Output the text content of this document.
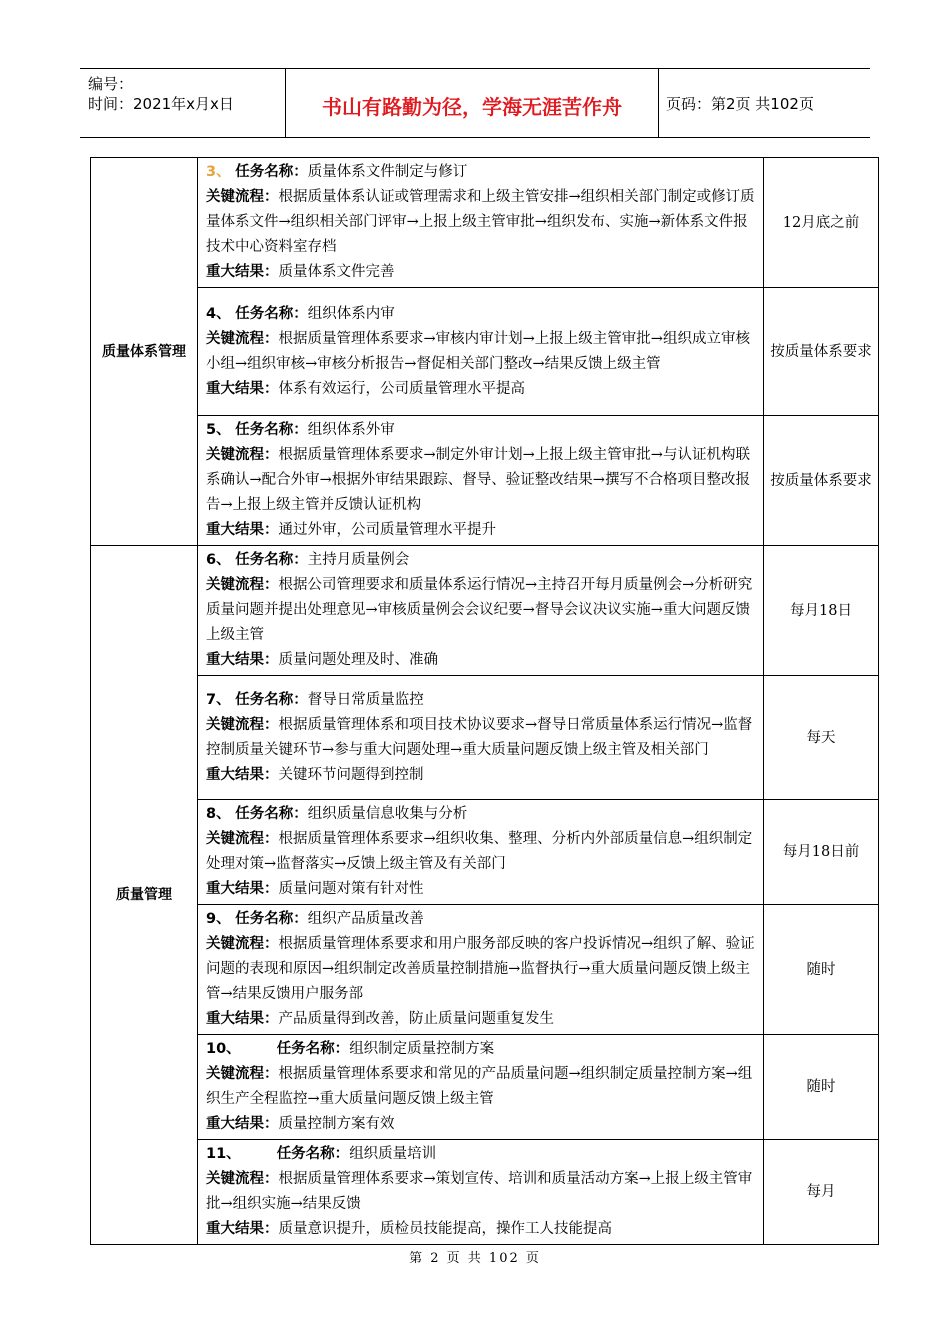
编号：
时间：2021年x月x日	书山有路勤为径，学海无涯苦作舟	页码：第2页 共102页
质量体系管理	3、 任务名称：质量体系文件制定与修订
关键流程：根据质量体系认证或管理需求和上级主管安排→组织相关部门制定或修订质量体系文件→组织相关部门评审→上报上级主管审批→组织发布、实施→新体系文件报技术中心资料室存档
重大结果：质量体系文件完善	12月底之前

	4、 任务名称：组织体系内审
关键流程：根据质量管理体系要求→审核内审计划→上报上级主管审批→组织成立审核小组→组织审核→审核分析报告→督促相关部门整改→结果反馈上级主管
重大结果：体系有效运行，公司质量管理水平提高	按质量体系要求

	5、 任务名称：组织体系外审
关键流程：根据质量管理体系要求→制定外审计划→上报上级主管审批→与认证机构联系确认→配合外审→根据外审结果跟踪、督导、验证整改结果→撰写不合格项目整改报告→上报上级主管并反馈认证机构
重大结果：通过外审，公司质量管理水平提升	按质量体系要求
质量管理	6、 任务名称：主持月质量例会
关键流程：根据公司管理要求和质量体系运行情况→主持召开每月质量例会→分析研究质量问题并提出处理意见→审核质量例会会议纪要→督导会议决议实施→重大问题反馈上级主管
重大结果：质量问题处理及时、准确	每月18日

	7、 任务名称：督导日常质量监控
关键流程：根据质量管理体系和项目技术协议要求→督导日常质量体系运行情况→监督控制质量关键环节→参与重大问题处理→重大质量问题反馈上级主管及相关部门
重大结果：关键环节问题得到控制	每天

	8、 任务名称：组织质量信息收集与分析
关键流程：根据质量管理体系要求→组织收集、整理、分析内外部质量信息→组织制定处理对策→监督落实→反馈上级主管及有关部门
重大结果：质量问题对策有针对性	每月18日前

	9、 任务名称：组织产品质量改善
关键流程：根据质量管理体系要求和用户服务部反映的客户投诉情况→组织了解、验证问题的表现和原因→组织制定改善质量控制措施→监督执行→重大质量问题反馈上级主管→结果反馈用户服务部
重大结果：产品质量得到改善，防止质量问题重复发生	随时

	10、 任务名称：组织制定质量控制方案
关键流程：根据质量管理体系要求和常见的产品质量问题→组织制定质量控制方案→组织生产全程监控→重大质量问题反馈上级主管
重大结果：质量控制方案有效	随时

	11、 任务名称：组织质量培训
关键流程：根据质量管理体系要求→策划宣传、培训和质量活动方案→上报上级主管审批→组织实施→结果反馈
重大结果：质量意识提升，质检员技能提高，操作工人技能提高	每月
第 2 页 共 102 页
